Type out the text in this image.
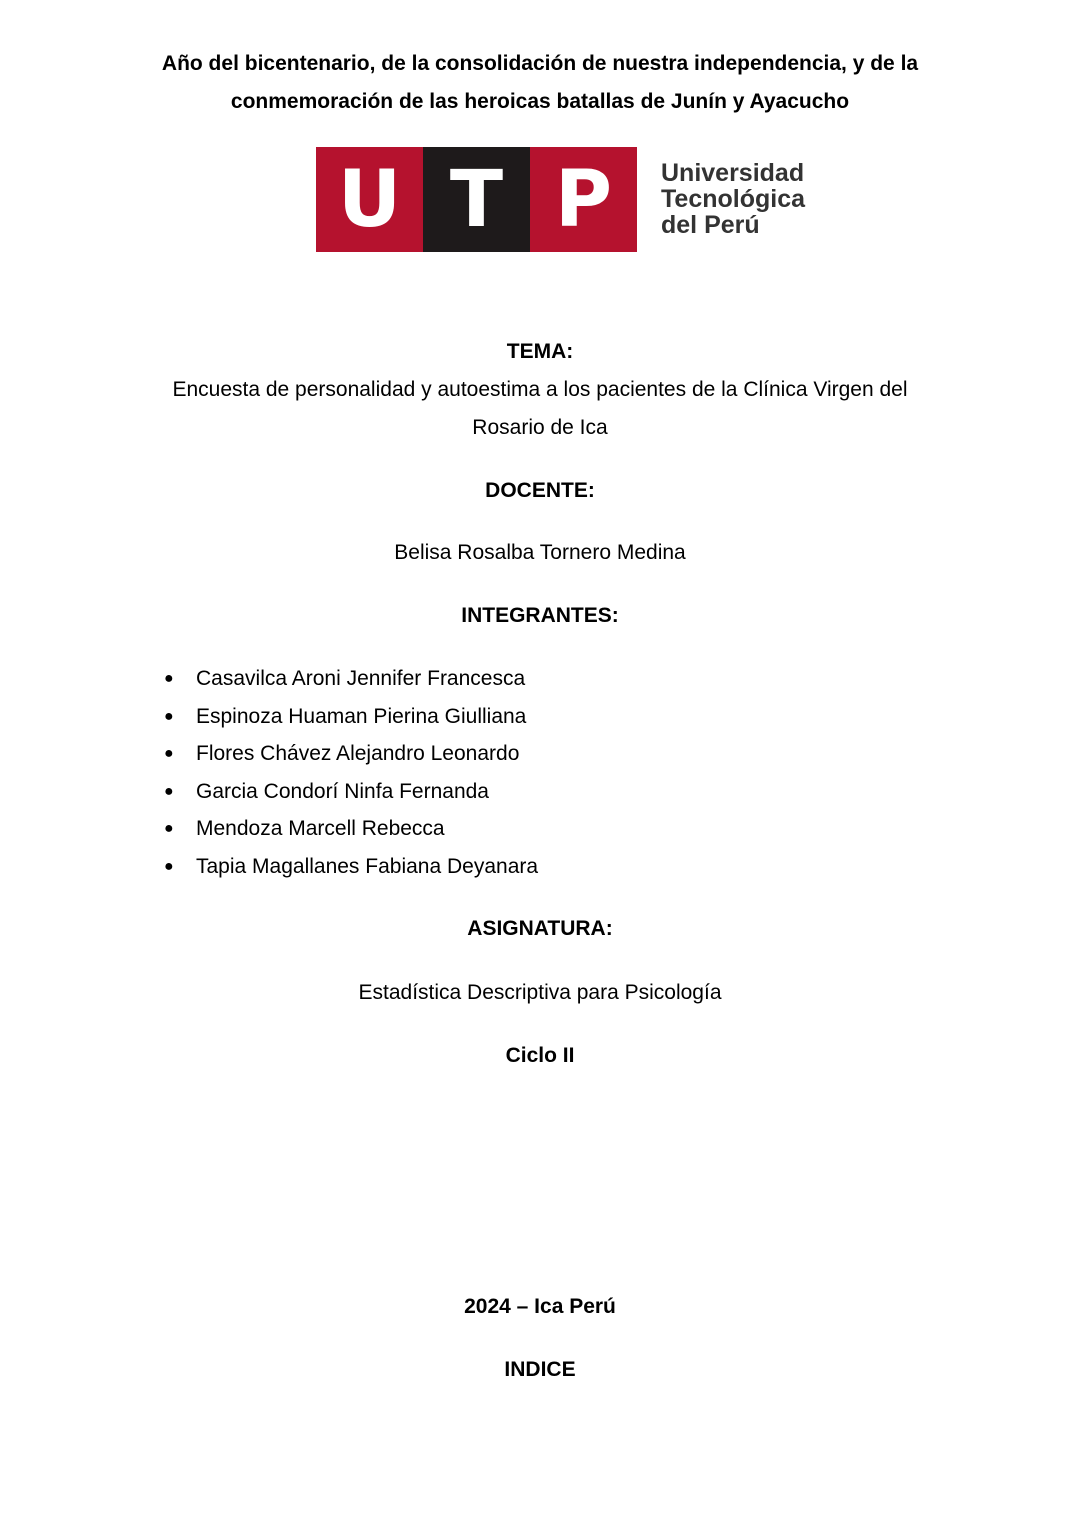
Año del bicentenario, de la consolidación de nuestra independencia, y de la
conmemoración de las heroicas batallas de Junín y Ayacucho
U T P	Universidad
Tecnológica
del Perú
TEMA:
Encuesta de personalidad y autoestima a los pacientes de la Clínica Virgen del
Rosario de Ica
DOCENTE:
Belisa Rosalba Tornero Medina
INTEGRANTES:
●	Casavilca Aroni Jennifer Francesca
●	Espinoza Huaman Pierina Giulliana
●	Flores Chávez Alejandro Leonardo
●	Garcia Condorí Ninfa Fernanda
●	Mendoza Marcell Rebecca
●	Tapia Magallanes Fabiana Deyanara
ASIGNATURA:
Estadística Descriptiva para Psicología
Ciclo II
2024 – Ica Perú
INDICE
